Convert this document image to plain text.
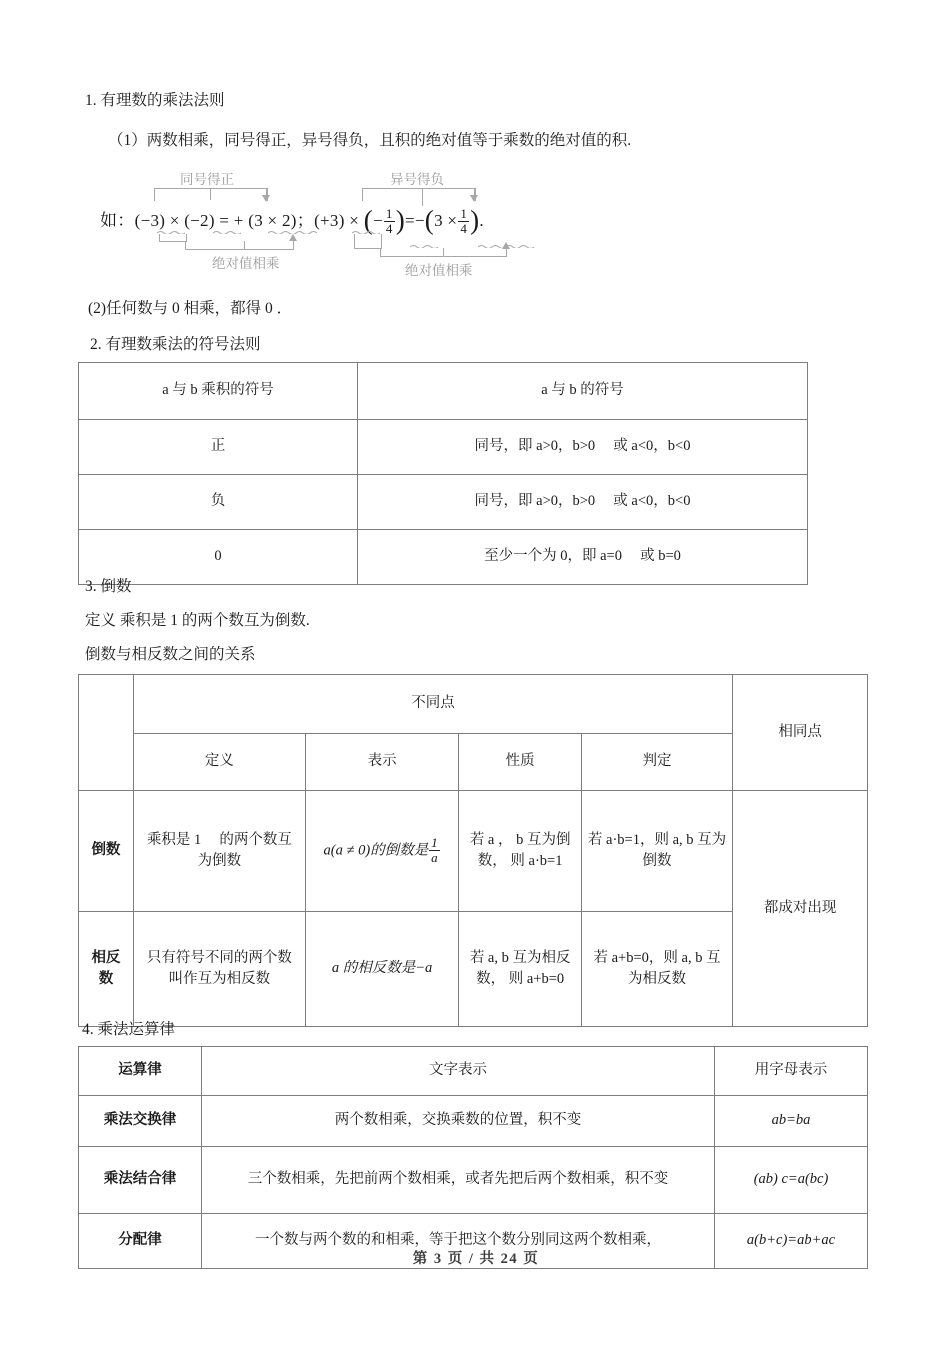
1. 有理数的乘法法则
（1）两数相乘，同号得正，异号得负，且积的绝对值等于乘数的绝对值的积.
同号得正	异号得负
如：(−3) × (−2) = + (3 × 2)；(+3) × (− $\frac{1}{4} )=-(3 \times \frac{1}{4}$ ).
绝对值相乘	绝对值相乘
(2)任何数与 0 相乘，都得 0 ．
2. 有理数乘法的符号法则
a 与 b 乘积的符号	a 与 b 的符号
正	同号，即 a>0，b>0 　或 a<0，b<0
负	同号，即 a>0，b>0 　或 a<0，b<0
0	至少一个为 0，即 a=0 　或 b=0
3. 倒数
定义 乘积是 1 的两个数互为倒数.
倒数与相反数之间的关系
	不同点				相同点
	定义	表示	性质	判定	
倒数	乘积是 1 　的两个数互为倒数	a(a ≠ 0)的倒数是 $\frac{1}{a}$	若 a ， b 互为倒数， 则 a·b=1	若 a·b=1，则 a, b 互为倒数	都成对出现
相反数	只有符号不同的两个数叫作互为相反数	a 的相反数是−a	若 a, b 互为相反数， 则 a+b=0	若 a+b=0，则 a, b 互为相反数	
4. 乘法运算律
运算律	文字表示	用字母表示
乘法交换律	两个数相乘，交换乘数的位置，积不变	ab=ba
乘法结合律	三个数相乘，先把前两个数相乘，或者先把后两个数相乘，积不变	(ab) c=a(bc)
分配律	一个数与两个数的和相乘，等于把这个数分别同这两个数相乘，	a(b+c)=ab+ac
第 3 页 / 共 24 页
